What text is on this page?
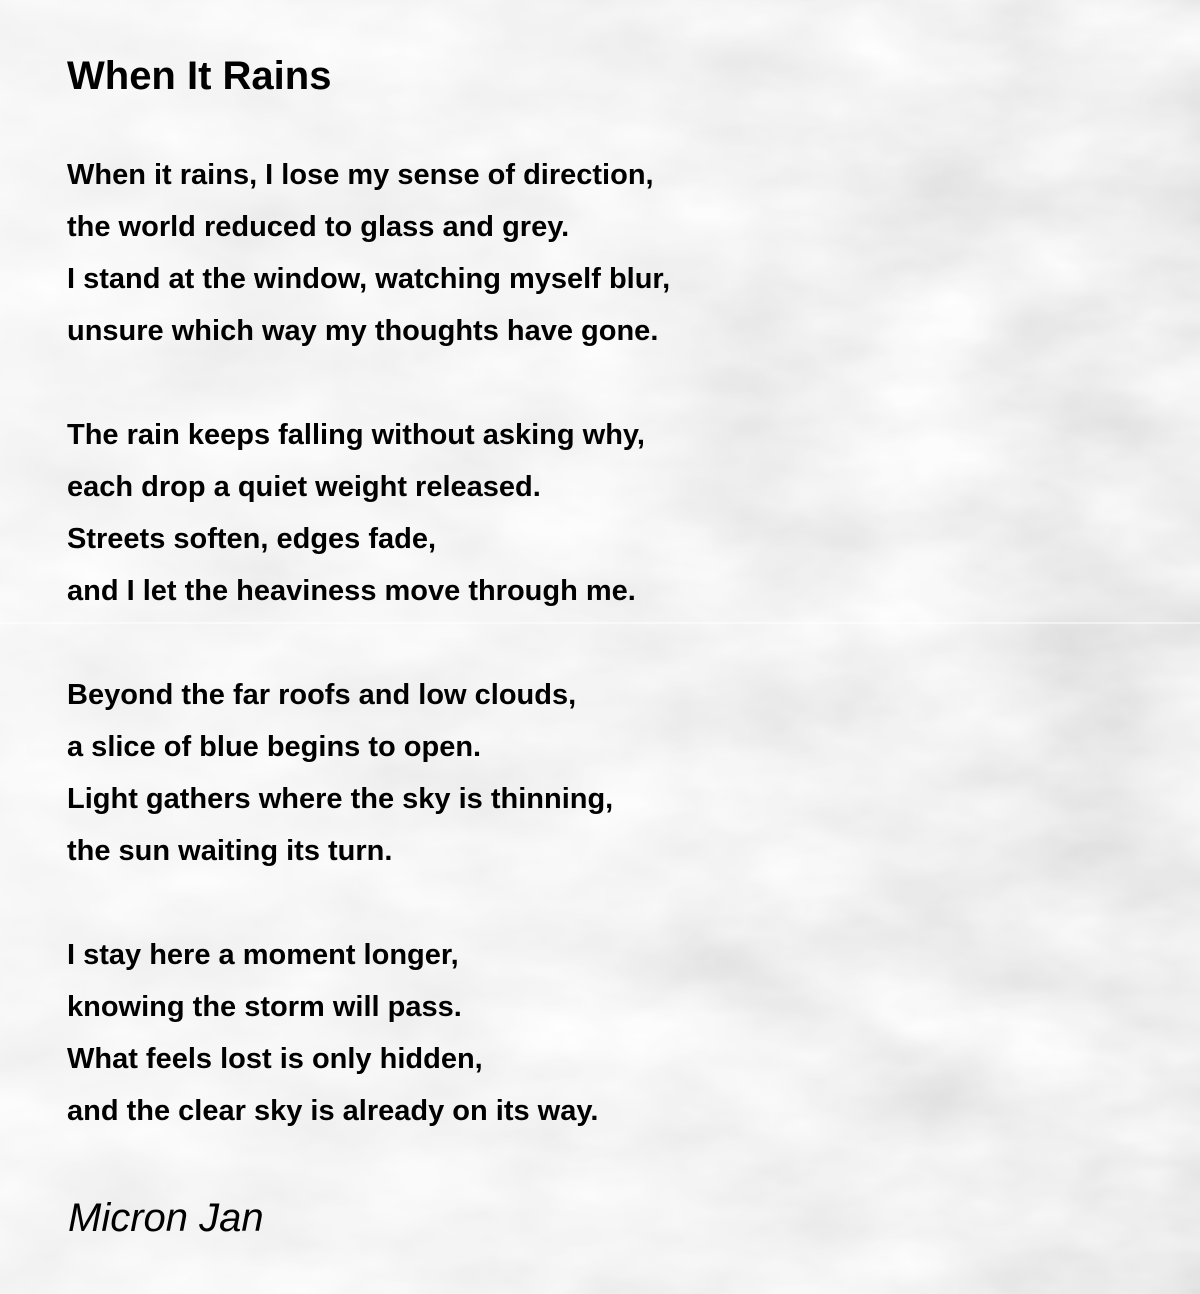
When It Rains
When it rains, I lose my sense of direction,
the world reduced to glass and grey.
I stand at the window, watching myself blur,
unsure which way my thoughts have gone.
The rain keeps falling without asking why,
each drop a quiet weight released.
Streets soften, edges fade,
and I let the heaviness move through me.
Beyond the far roofs and low clouds,
a slice of blue begins to open.
Light gathers where the sky is thinning,
the sun waiting its turn.
I stay here a moment longer,
knowing the storm will pass.
What feels lost is only hidden,
and the clear sky is already on its way.
Micron Jan
